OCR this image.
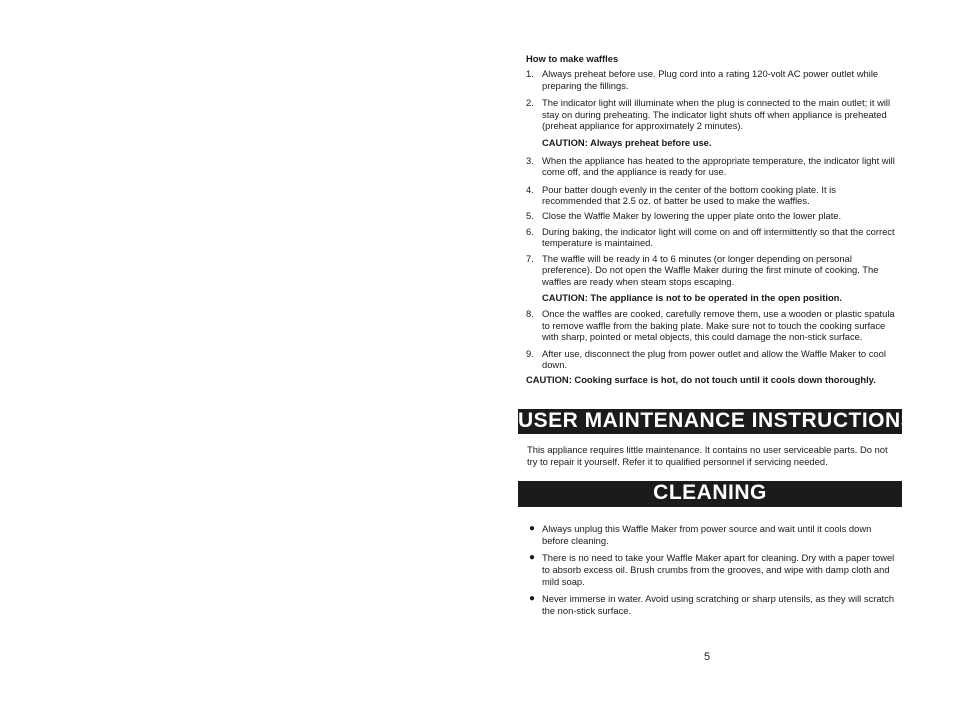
How to make waffles
1. Always preheat before use. Plug cord into a rating 120-volt AC power outlet while preparing the fillings.
2. The indicator light will illuminate when the plug is connected to the main outlet; it will stay on during preheating. The indicator light shuts off when appliance is preheated (preheat appliance for approximately 2 minutes).
CAUTION: Always preheat before use.
3. When the appliance has heated to the appropriate temperature, the indicator light will come off, and the appliance is ready for use.
4. Pour batter dough evenly in the center of the bottom cooking plate. It is recommended that 2.5 oz. of batter be used to make the waffles.
5. Close the Waffle Maker by lowering the upper plate onto the lower plate.
6. During baking, the indicator light will come on and off intermittently so that the correct temperature is maintained.
7. The waffle will be ready in 4 to 6 minutes (or longer depending on personal preference). Do not open the Waffle Maker during the first minute of cooking. The waffles are ready when steam stops escaping.
CAUTION: The appliance is not to be operated in the open position.
8. Once the waffles are cooked, carefully remove them, use a wooden or plastic spatula to remove waffle from the baking plate. Make sure not to touch the cooking surface with sharp, pointed or metal objects, this could damage the non-stick surface.
9. After use, disconnect the plug from power outlet and allow the Waffle Maker to cool down.
CAUTION: Cooking surface is hot, do not touch until it cools down thoroughly.
USER MAINTENANCE INSTRUCTIONS
This appliance requires little maintenance. It contains no user serviceable parts. Do not try to repair it yourself. Refer it to qualified personnel if servicing needed.
CLEANING
● Always unplug this Waffle Maker from power source and wait until it cools down before cleaning.
● There is no need to take your Waffle Maker apart for cleaning. Dry with a paper towel to absorb excess oil. Brush crumbs from the grooves, and wipe with damp cloth and mild soap.
● Never immerse in water. Avoid using scratching or sharp utensils, as they will scratch the non-stick surface.
5
